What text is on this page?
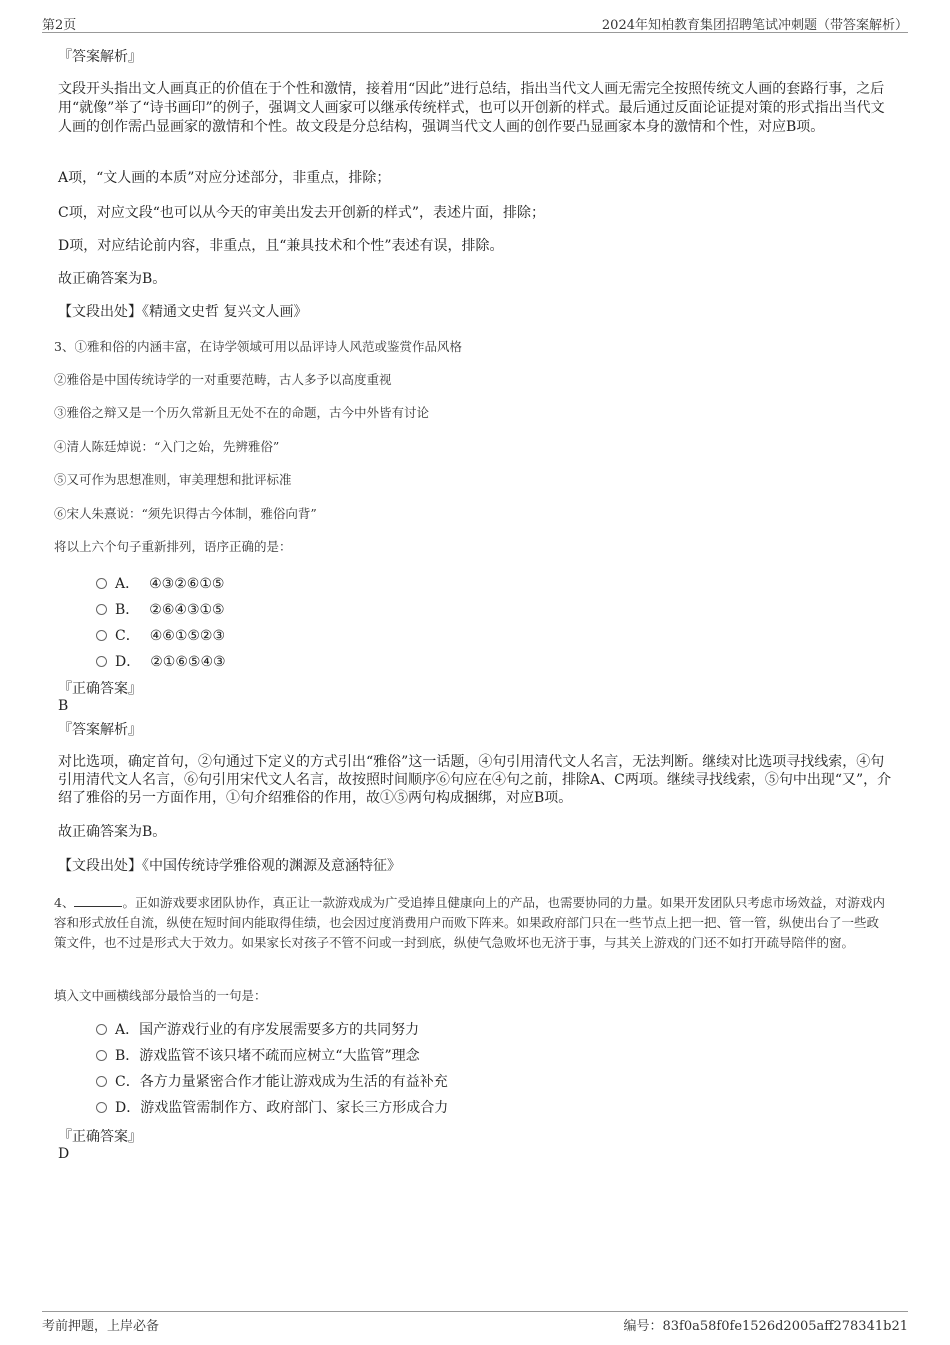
第2页	2024年知柏教育集团招聘笔试冲刺题（带答案解析）
『答案解析』
文段开头指出文人画真正的价值在于个性和激情，接着用“因此”进行总结，指出当代文人画无需完全按照传统文人画的套路行事，之后用“就像”举了“诗书画印”的例子，强调文人画家可以继承传统样式，也可以开创新的样式。最后通过反面论证提对策的形式指出当代文人画的创作需凸显画家的激情和个性。故文段是分总结构，强调当代文人画的创作要凸显画家本身的激情和个性，对应B项。
A项，“文人画的本质”对应分述部分，非重点，排除；
C项，对应文段“也可以从今天的审美出发去开创新的样式”，表述片面，排除；
D项，对应结论前内容，非重点，且“兼具技术和个性”表述有误，排除。
故正确答案为B。
【文段出处】《精通文史哲 复兴文人画》
3、①雅和俗的内涵丰富，在诗学领域可用以品评诗人风范或鉴赏作品风格
②雅俗是中国传统诗学的一对重要范畴，古人多予以高度重视
③雅俗之辩又是一个历久常新且无处不在的命题，古今中外皆有讨论
④清人陈廷焯说：“入门之始，先辨雅俗”
⑤又可作为思想准则，审美理想和批评标准
⑥宋人朱熹说：“须先识得古今体制，雅俗向背”
将以上六个句子重新排列，语序正确的是：
A． ④③②⑥①⑤
B． ②⑥④③①⑤
C． ④⑥①⑤②③
D． ②①⑥⑤④③
『正确答案』
B
『答案解析』
对比选项，确定首句，②句通过下定义的方式引出“雅俗”这一话题，④句引用清代文人名言，无法判断。继续对比选项寻找线索，④句引用清代文人名言，⑥句引用宋代文人名言，故按照时间顺序⑥句应在④句之前，排除A、C两项。继续寻找线索，⑤句中出现“又”，介绍了雅俗的另一方面作用，①句介绍雅俗的作用，故①⑤两句构成捆绑，对应B项。
故正确答案为B。
【文段出处】《中国传统诗学雅俗观的渊源及意涵特征》
4、	。正如游戏要求团队协作，真正让一款游戏成为广受追捧且健康向上的产品，也需要协同的力量。如果开发团队只考虑市场效益，对游戏内容和形式放任自流，纵使在短时间内能取得佳绩，也会因过度消费用户而败下阵来。如果政府部门只在一些节点上把一把、管一管，纵使出台了一些政策文件，也不过是形式大于效力。如果家长对孩子不管不问或一封到底，纵使气急败坏也无济于事，与其关上游戏的门还不如打开疏导陪伴的窗。
填入文中画横线部分最恰当的一句是：
A．国产游戏行业的有序发展需要多方的共同努力
B．游戏监管不该只堵不疏而应树立“大监管”理念
C．各方力量紧密合作才能让游戏成为生活的有益补充
D．游戏监管需制作方、政府部门、家长三方形成合力
『正确答案』
D
考前押题，上岸必备	编号：83f0a58f0fe1526d2005aff278341b21
